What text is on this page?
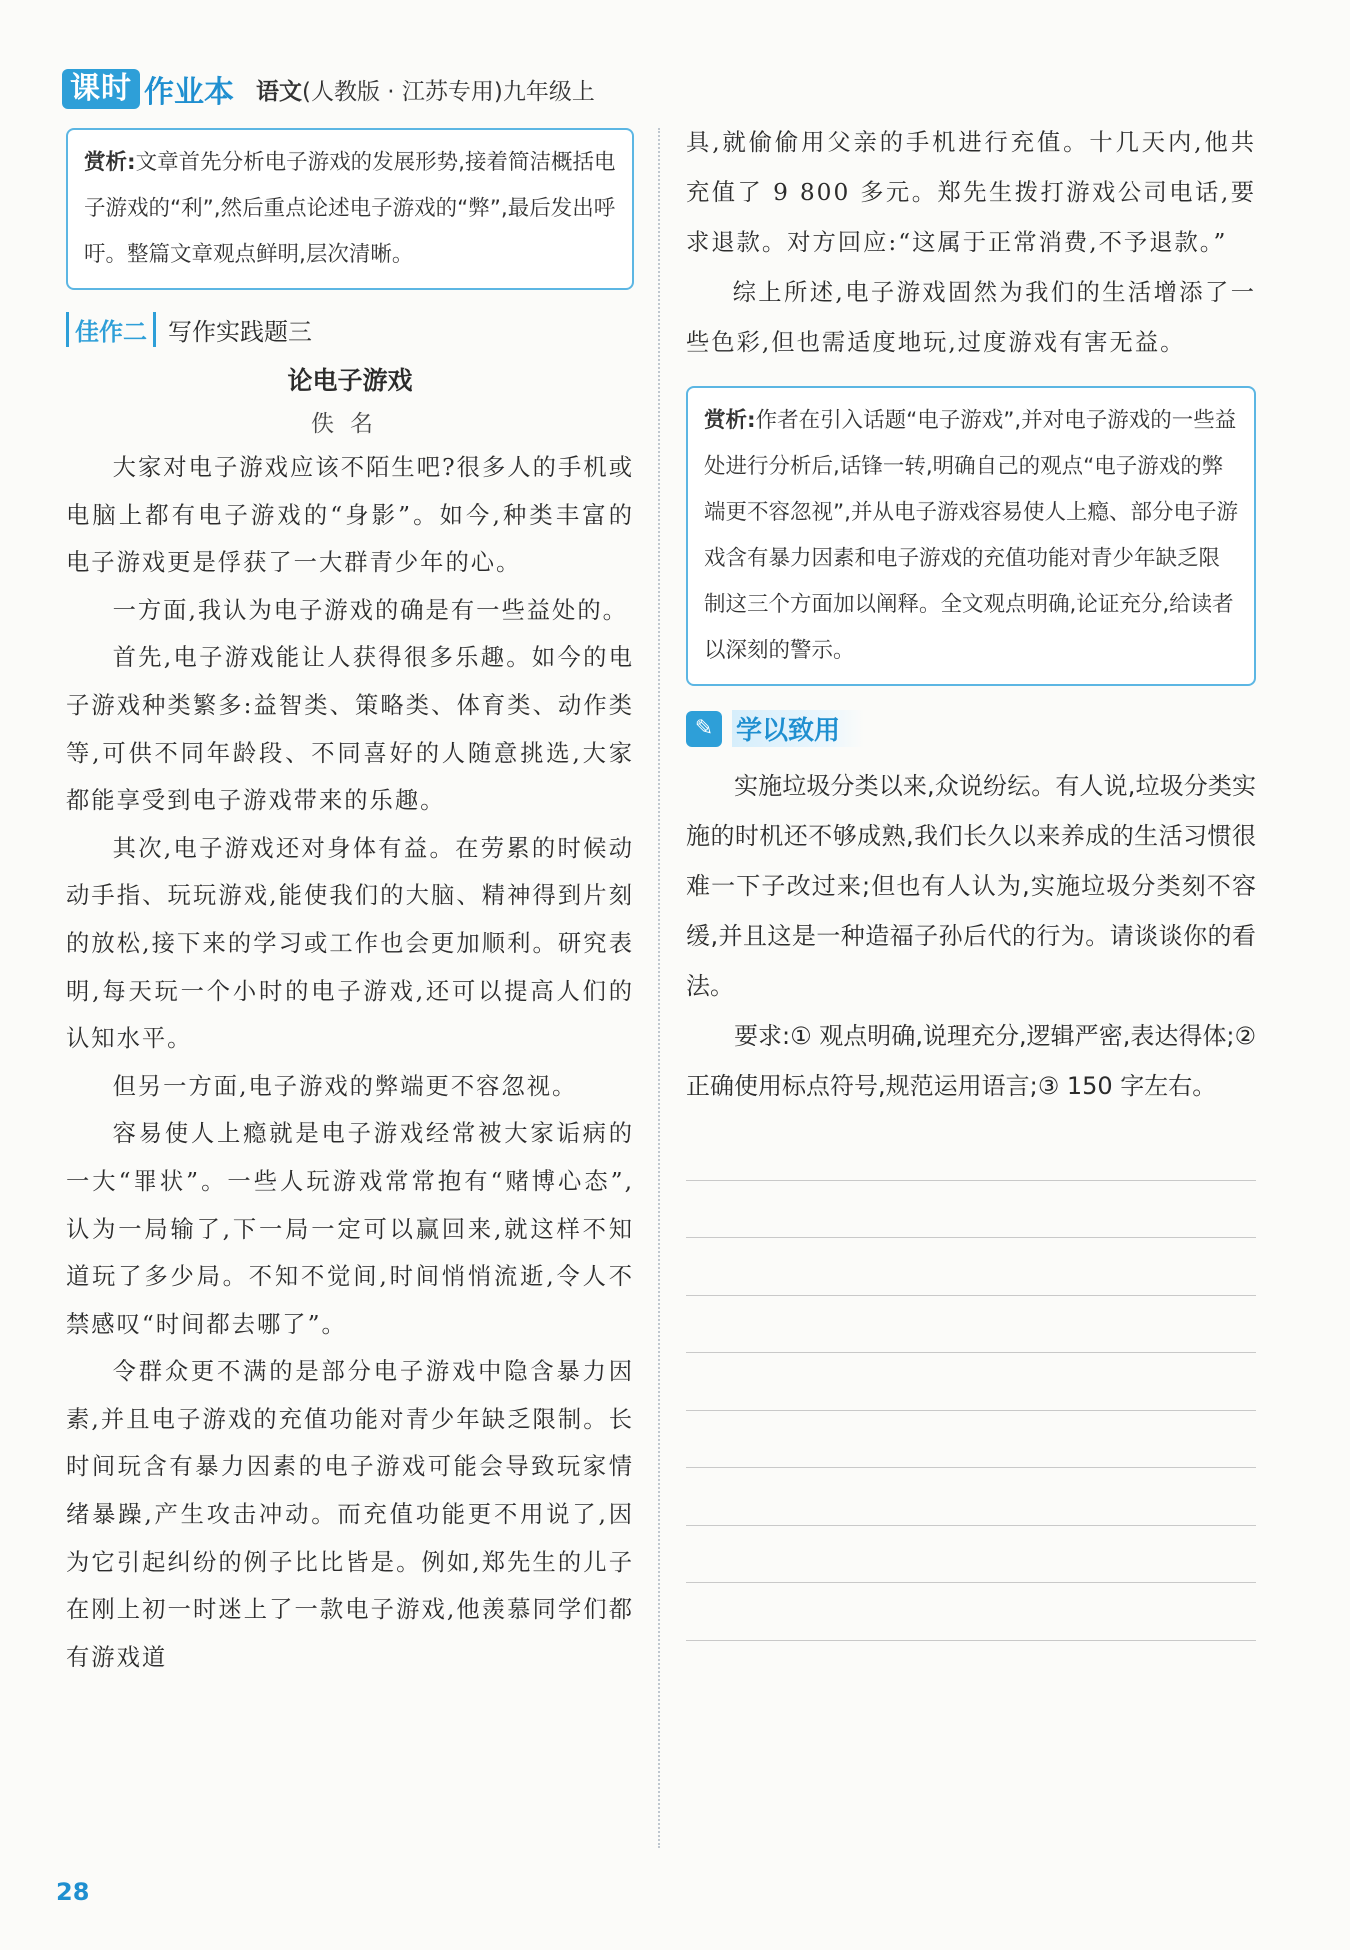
课时 作业本 语文(人教版 · 江苏专用)九年级上
赏析:文章首先分析电子游戏的发展形势,接着简洁概括电子游戏的“利”,然后重点论述电子游戏的“弊”,最后发出呼吁。整篇文章观点鲜明,层次清晰。
佳作二 写作实践题三
论电子游戏
佚名

大家对电子游戏应该不陌生吧?很多人的手机或电脑上都有电子游戏的“身影”。如今,种类丰富的电子游戏更是俘获了一大群青少年的心。

一方面,我认为电子游戏的确是有一些益处的。

首先,电子游戏能让人获得很多乐趣。如今的电子游戏种类繁多:益智类、策略类、体育类、动作类等,可供不同年龄段、不同喜好的人随意挑选,大家都能享受到电子游戏带来的乐趣。

其次,电子游戏还对身体有益。在劳累的时候动动手指、玩玩游戏,能使我们的大脑、精神得到片刻的放松,接下来的学习或工作也会更加顺利。研究表明,每天玩一个小时的电子游戏,还可以提高人们的认知水平。

但另一方面,电子游戏的弊端更不容忽视。

容易使人上瘾就是电子游戏经常被大家诟病的一大“罪状”。一些人玩游戏常常抱有“赌博心态”,认为一局输了,下一局一定可以赢回来,就这样不知道玩了多少局。不知不觉间,时间悄悄流逝,令人不禁感叹“时间都去哪了”。

令群众更不满的是部分电子游戏中隐含暴力因素,并且电子游戏的充值功能对青少年缺乏限制。长时间玩含有暴力因素的电子游戏可能会导致玩家情绪暴躁,产生攻击冲动。而充值功能更不用说了,因为它引起纠纷的例子比比皆是。例如,郑先生的儿子在刚上初一时迷上了一款电子游戏,他羡慕同学们都有游戏道

具,就偷偷用父亲的手机进行充值。十几天内,他共充值了 9 800 多元。郑先生拨打游戏公司电话,要求退款。对方回应:“这属于正常消费,不予退款。”

综上所述,电子游戏固然为我们的生活增添了一些色彩,但也需适度地玩,过度游戏有害无益。

赏析:作者在引入话题“电子游戏”,并对电子游戏的一些益处进行分析后,话锋一转,明确自己的观点“电子游戏的弊端更不容忽视”,并从电子游戏容易使人上瘾、部分电子游戏含有暴力因素和电子游戏的充值功能对青少年缺乏限制这三个方面加以阐释。全文观点明确,论证充分,给读者以深刻的警示。
✎ 学以致用

实施垃圾分类以来,众说纷纭。有人说,垃圾分类实施的时机还不够成熟,我们长久以来养成的生活习惯很难一下子改过来;但也有人认为,实施垃圾分类刻不容缓,并且这是一种造福子孙后代的行为。请谈谈你的看法。

要求:① 观点明确,说理充分,逻辑严密,表达得体;② 正确使用标点符号,规范运用语言;③ 150 字左右。

28
